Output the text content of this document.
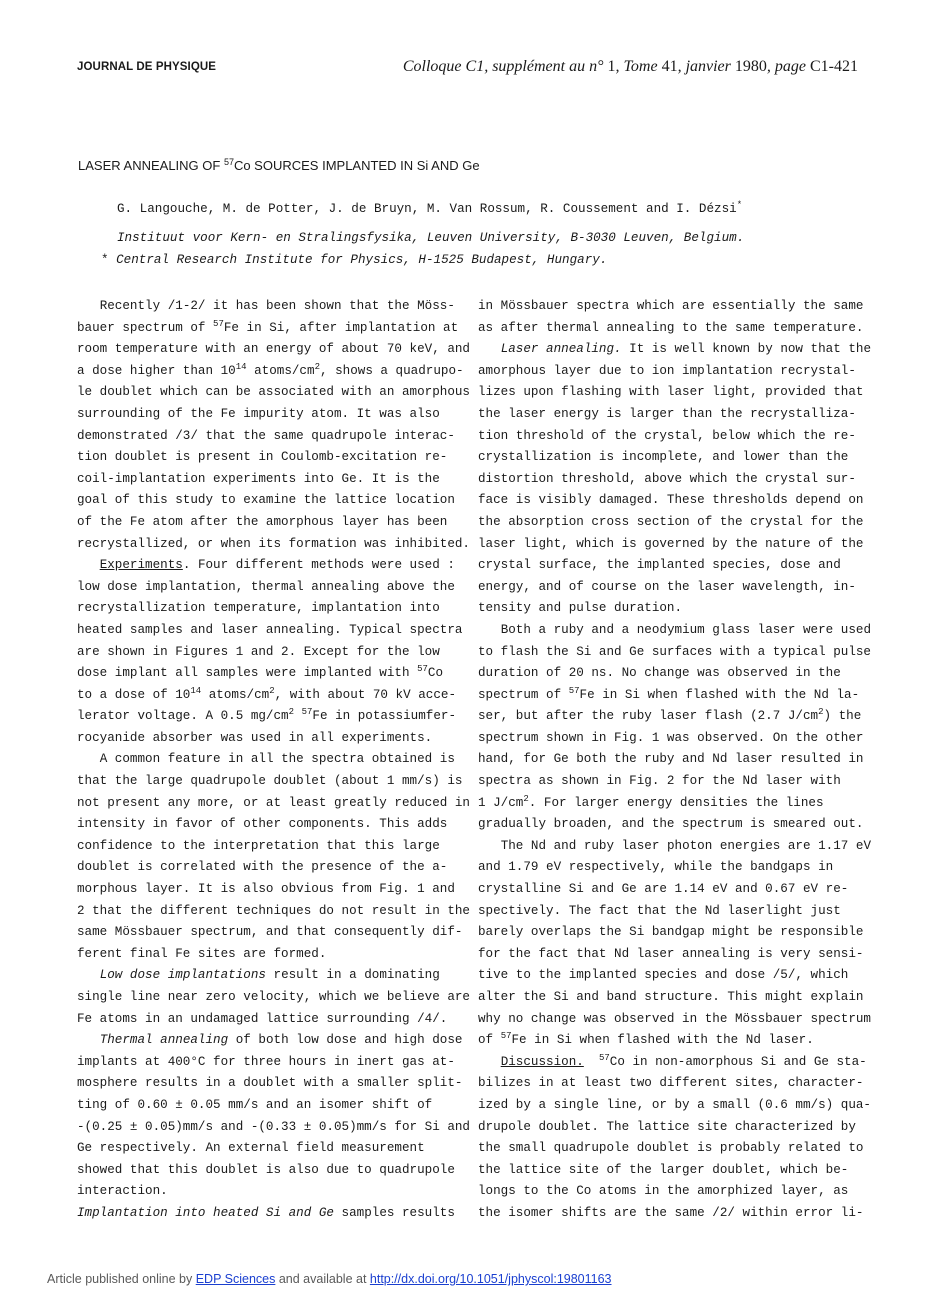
JOURNAL DE PHYSIQUE	Colloque C1, supplément au n° 1, Tome 41, janvier 1980, page C1-421
LASER ANNEALING OF $^{57}$Co SOURCES IMPLANTED IN Si AND Ge
G. Langouche, M. de Potter, J. de Bruyn, M. Van Rossum, R. Coussement and I. Dézsi*
Instituut voor Kern- en Stralingsfysika, Leuven University, B-3030 Leuven, Belgium.
* Central Research Institute for Physics, H-1525 Budapest, Hungary.
Recently /1-2/ it has been shown that the Möss-
bauer spectrum of $^{57}$Fe in Si, after implantation at
room temperature with an energy of about 70 keV, and
a dose higher than $10^{14}$ atoms/$cm^2$, shows a quadrupo-
le doublet which can be associated with an amorphous
surrounding of the Fe impurity atom. It was also
demonstrated /3/ that the same quadrupole interac-
tion doublet is present in Coulomb-excitation re-
coil-implantation experiments into Ge. It is the
goal of this study to examine the lattice location
of the Fe atom after the amorphous layer has been
recrystallized, or when its formation was inhibited.
Experiments. Four different methods were used :
low dose implantation, thermal annealing above the
recrystallization temperature, implantation into
heated samples and laser annealing. Typical spectra
are shown in Figures 1 and 2. Except for the low
dose implant all samples were implanted with $^{57}$Co
to a dose of $10^{14}$ atoms/$cm^2$, with about 70 kV acce-
lerator voltage. A 0.5 $mg/cm^2$ $^{57}$Fe in potassiumfer-
rocyanide absorber was used in all experiments.
A common feature in all the spectra obtained is
that the large quadrupole doublet (about 1 mm/s) is
not present any more, or at least greatly reduced in
intensity in favor of other components. This adds
confidence to the interpretation that this large
doublet is correlated with the presence of the a-
morphous layer. It is also obvious from Fig. 1 and
2 that the different techniques do not result in the
same Mössbauer spectrum, and that consequently dif-
ferent final Fe sites are formed.
Low dose implantations result in a dominating
single line near zero velocity, which we believe are
Fe atoms in an undamaged lattice surrounding /4/.
Thermal annealing of both low dose and high dose
implants at 400°C for three hours in inert gas at-
mosphere results in a doublet with a smaller split-
ting of 0.60 ± 0.05 mm/s and an isomer shift of
-(0.25 ± 0.05)mm/s and -(0.33 ± 0.05)mm/s for Si and
Ge respectively. An external field measurement
showed that this doublet is also due to quadrupole
interaction.
Implantation into heated Si and Ge samples results
in Mössbauer spectra which are essentially the same
as after thermal annealing to the same temperature.
Laser annealing. It is well known by now that the
amorphous layer due to ion implantation recrystal-
lizes upon flashing with laser light, provided that
the laser energy is larger than the recrystalliza-
tion threshold of the crystal, below which the re-
crystallization is incomplete, and lower than the
distortion threshold, above which the crystal sur-
face is visibly damaged. These thresholds depend on
the absorption cross section of the crystal for the
laser light, which is governed by the nature of the
crystal surface, the implanted species, dose and
energy, and of course on the laser wavelength, in-
tensity and pulse duration.
Both a ruby and a neodymium glass laser were used
to flash the Si and Ge surfaces with a typical pulse
duration of 20 ns. No change was observed in the
spectrum of $^{57}$Fe in Si when flashed with the Nd la-
ser, but after the ruby laser flash (2.7 $J/cm^2$) the
spectrum shown in Fig. 1 was observed. On the other
hand, for Ge both the ruby and Nd laser resulted in
spectra as shown in Fig. 2 for the Nd laser with
1 $J/cm^2$. For larger energy densities the lines
gradually broaden, and the spectrum is smeared out.
The Nd and ruby laser photon energies are 1.17 eV
and 1.79 eV respectively, while the bandgaps in
crystalline Si and Ge are 1.14 eV and 0.67 eV re-
spectively. The fact that the Nd laserlight just
barely overlaps the Si bandgap might be responsible
for the fact that Nd laser annealing is very sensi-
tive to the implanted species and dose /5/, which
alter the Si and band structure. This might explain
why no change was observed in the Mössbauer spectrum
of $^{57}$Fe in Si when flashed with the Nd laser.
Discussion. $^{57}$Co in non-amorphous Si and Ge sta-
bilizes in at least two different sites, character-
ized by a single line, or by a small (0.6 mm/s) qua-
drupole doublet. The lattice site characterized by
the small quadrupole doublet is probably related to
the lattice site of the larger doublet, which be-
longs to the Co atoms in the amorphized layer, as
the isomer shifts are the same /2/ within error li-
Article published online by EDP Sciences and available at http://dx.doi.org/10.1051/jphyscol:19801163
